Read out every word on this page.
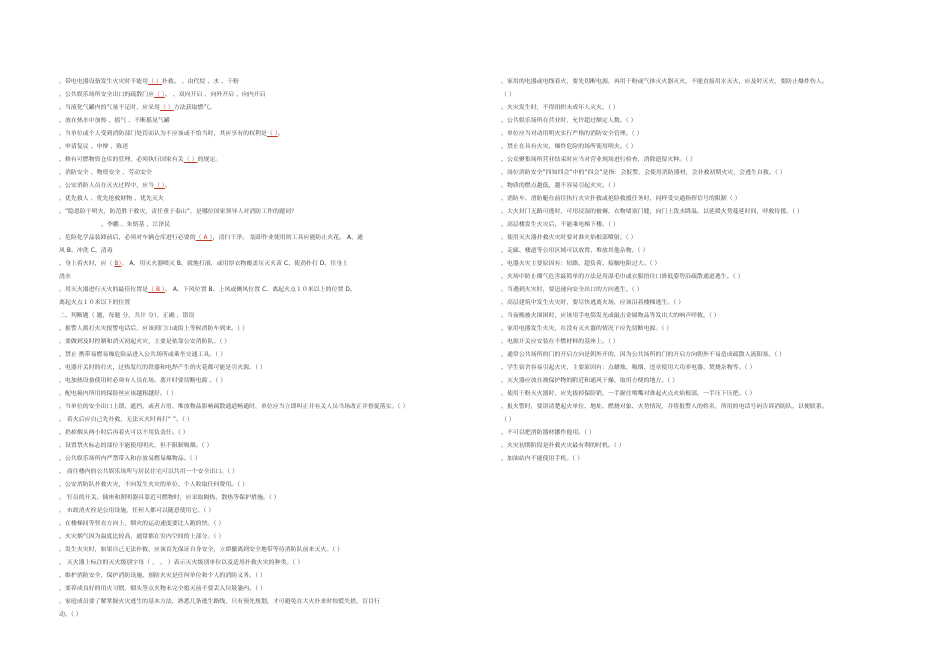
、带电电器设备发生火灾时不能用（ ）扑救。 、由代烷 、水 、干粉
、公共娱乐场所安全出口的疏散门应（ ）。 、双向开启 、向外开启 、向内开启
、当液化气罐内的气量不足时，应采用（ ）方法获取燃气。
、放在热水中加热 、摇气 、不断摇晃气罐
、当单位或个人受到消防部门处罚而认为不应该或不恰当时，其应享有的权利是（ ）。
、申请复议 、申辩 、陈述
、修有可燃物资仓库的管理，必须执行国家有关（ ）的规定。
、消防安全 、物资安全 、劳动安全
、公安消防人员在灭火过程中，应当（ ）。
、优先救人 、优先抢救财物 、优先灭火
、“隐患险于明火，防范胜于救灾，责任重于泰山”，是哪位国家领导人对消防工作的题词？
、李鹏 、朱镕基 、江泽民
、危险化学品装卸前后，必须对车辆仓库进行必要的（ A ），清扫干净。 装卸作业使用的工具应能防止火花。 A、通
风 B、冲洗 C、清毒
、身上着火时，应（ B）。 A、用灭火器喷灭 B、就地打滚，或用厚衣物覆盖压灭火苗 C、使劲扑打 D、往身上
浇水
、用灭火器进行灭火的最佳位置是（ B ）。 A、下风位置 B、上风或侧风位置 C、离起火点１０米以上的位置 D、
离起火点１０米以下的位置
二、判断题（ 题，每题 分，共计 分），正确 ，错误
、报警人拨打火灾报警电话后，应该到门口或街上等候消防车到来。（ ）
、要做到及时控制和消灭初起火灾，主要是依靠公安消防队。（ ）
、禁止 携带易燃易爆危险品进入公共场所或乘坐交通工具。（ ）
、电器开关时的打火，过热发红的铁器和电焊产生的火花都可能是引火源。（ ）
、电加热设备使用时必须有人员在场，离开时要切断电源 。（ ）
、配电箱内所用的保险丝应该越粗越好。（ ）
、当单位的安全出口上锁、遮挡，或者占用、堆放物品影响疏散通道畅通时，单位应当立即纠正并有关人员当场改正并督促落实。（ ）
、 着火后应自己先扑救，无法灭火时再打“ ”。（ ）
、扔掉烟头两小时后再着火可以不用负责任。（ ）
、设置禁火标志的部位不能使用明火，但不限制吸烟。（ ）
、公共娱乐场所内严禁带入和存放易燃易爆物品。（ ）
、 商住楼内的公共娱乐场所与居民住宅可以共用一个安全出口。（ ）
、公安消防队扑救火灾，不向发生火灾的单位、个人收取任何费用。（ ）
、 钉员的开关、插座和照明器具靠近可燃物时，应采取隔热、散热等保护措施。（ ）
、 市政消火栓是公用设施，任何人都可以随意使用它。（ ）
、在楼梯间等竖直方向上，烟火的运动速度要比人跑的快。（ ）
、火灾烟气因为温度比较高，通常都在室内空间的上部分。（ ）
、发生火灾时，如果自己无法扑救，应该首先保证自身安全，立即撤离到安全地带等待消防队前来灭火。（ ）
、 灭火器上标注的灭火级别字母（ 、 、 ）表示灭火级别单位以及适用扑救火灾的种类。（ ）
、维护消防安全、保护消防设施、预防火灾是任何单位和个人的消防义务。（ ）
、要养成良好的用火习惯，烟头等点火物未完全熄灭前不要丢入垃圾篓内。（ ）
、家庭成员要了解掌握火灾逃生的基本方法，熟悉几条逃生路线，只有预先规划，才可避免在大火扑来时惊慌失措，盲目行
动。（ ）
、家用的电器或电线着火，要先切断电源，再用干粉或气体灭火器灭火，不能直接用水灭火，应及时灭火，要防止爆炸伤人。
（ ）
、火灾发生时，不得组织未成年人灭火。（ ）
、公共娱乐场所在营业时，允许超过额定人数。（ ）
、单位应当对动用明火实行严格的消防安全管理。（ ）
、禁止在具有火灾、爆炸危险的场所使用明火。（ ）
、公众聚集场所营业结束时应当对营业现场进行检查，消除遗留火种。（ ）
、岗位消防安全“四知四会”中的“四会”是指：会报警，会使用消防器材，会扑救初期火灾，会逃生自救。（ ）
、物质的燃点越低，越不容易引起火灾。（ ）
、消防车、消防艇在前往执行火灾扑救或抢险救援任务时，同样受交通指挥信号的限制（ ）
、大火封门无路可逃时，可用浸湿的被褥、衣物堵塞门缝，向门上泼水降温，以延缓火势蔓延时间，呼救待援。（ ）
、高层楼发生火灾后，不能乘电梯下楼。（ ）
、使用灭火器扑救火灾时要对准火焰根部喷射。（ ）
、走廊、楼道等公用区域可以放置、堆放其他杂物。（ ）
、电器火灾主要原因有：短路、超负荷、接触电阻过大。（ ）
、火场中防止烟气危害最简单的方法是用湿毛巾或衣服捂住口鼻低姿势沿疏散通道逃生。（ ）
、当遇到火灾时，要迅速向安全出口的方向逃生。（ ）
、高层建筑中发生火灾时，要尽快逃离火场，应该沿着楼梯逃生。（ ）
、当夜晚被火围困时，应该用手电筒发光或敲击金属物品等发出大的响声呼救。（ ）
、家用电器发生火灾，在没有灭火器的情况下应先切断电源。（ ）
、电源开关应安装在不燃材料的基座上。（ ）
、通常公共场所的门的开启方向是朝外开的，因为公共场所的门的开启方向朝外不易造成疏散人流阻塞。（ ）
、学生宿舍容易引起火灾，主要原因有：点蜡烛、吸烟、违章使用大功率电器、焚烧杂物等。（ ）
、灭火器应放在被保护物的附近和通风干燥、取用方便的地方。（ ）
、使用干粉灭火器时，应先拔掉保险销，一手握住喷嘴对准起火点火焰根部，一手压下压把。（ ）
、报火警时，要讲清楚起火单位、地址、燃烧对象、火势情况，并将报警人的姓名，所用的电话号码告诉消防队，以便联系。
（ ）
、不可以把消防器材挪作他用。（ ）
、火灾初期阶段是扑救火灾最有利的时机。（ ）
、加油站内不能使用手机。（ ）
